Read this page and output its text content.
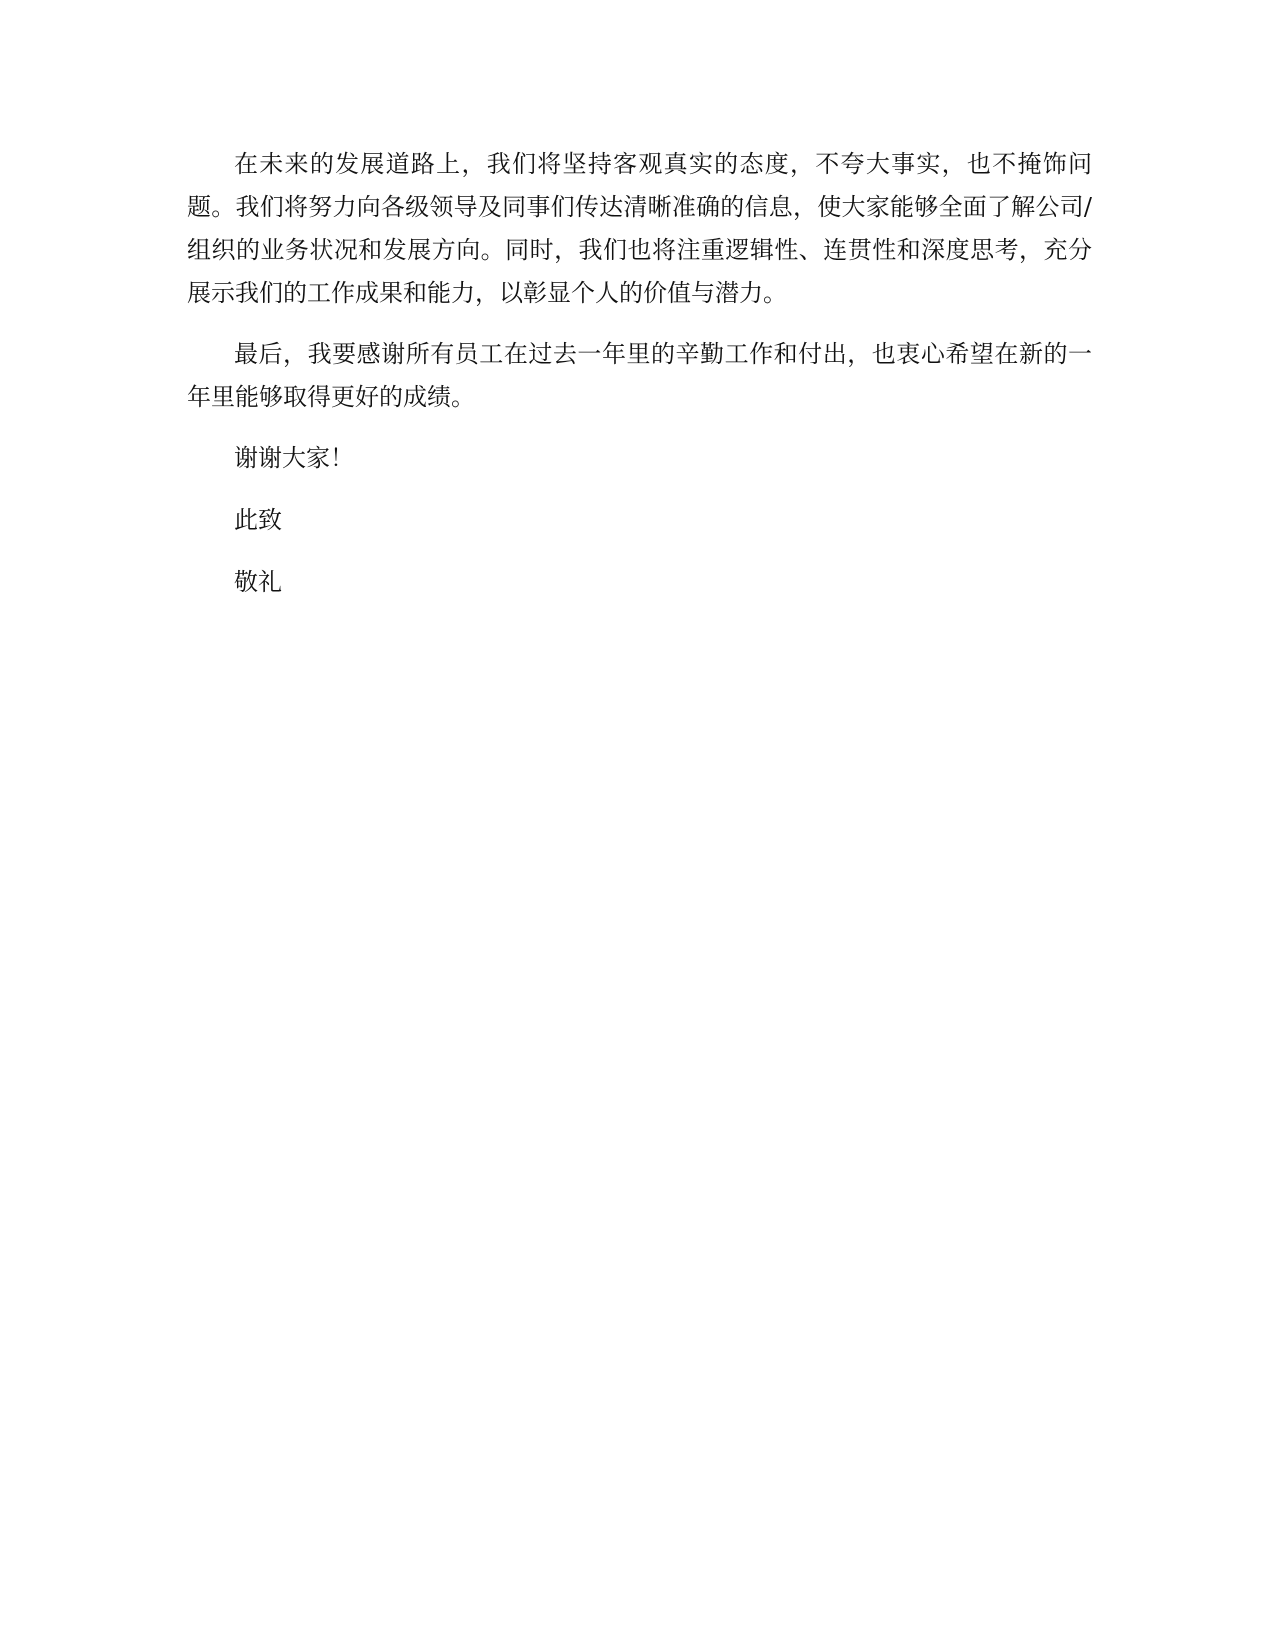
在未来的发展道路上，我们将坚持客观真实的态度，不夸大事实，也不掩饰问题。我们将努力向各级领导及同事们传达清晰准确的信息，使大家能够全面了解公司/组织的业务状况和发展方向。同时，我们也将注重逻辑性、连贯性和深度思考，充分展示我们的工作成果和能力，以彰显个人的价值与潜力。

最后，我要感谢所有员工在过去一年里的辛勤工作和付出，也衷心希望在新的一年里能够取得更好的成绩。

谢谢大家！

此致

敬礼
